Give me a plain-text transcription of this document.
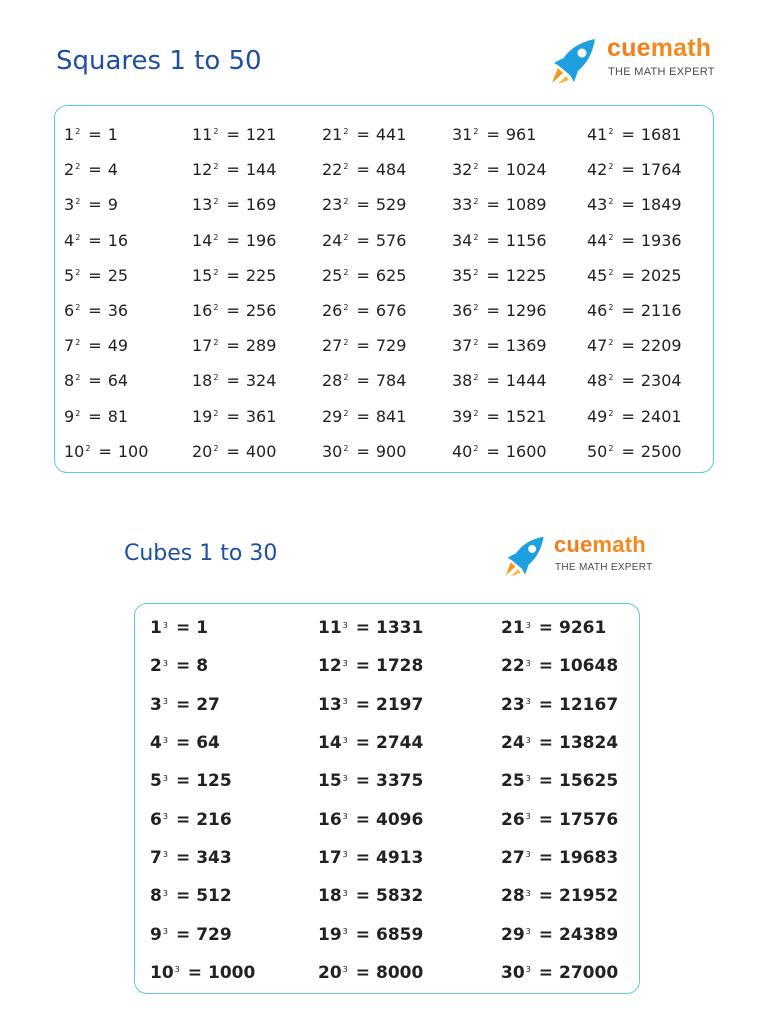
Squares 1 to 50	cuemath
THE MATH EXPERT
$1^2 = 1$
$2^2 = 4$
$3^2 = 9$
$4^2 = 16$
$5^2 = 25$
$6^2 = 36$
$7^2 = 49$
$8^2 = 64$
$9^2 = 81$
$10^2 = 100$
$11^2 = 121$
$12^2 = 144$
$13^2 = 169$
$14^2 = 196$
$15^2 = 225$
$16^2 = 256$
$17^2 = 289$
$18^2 = 324$
$19^2 = 361$
$20^2 = 400$
$21^2 = 441$
$22^2 = 484$
$23^2 = 529$
$24^2 = 576$
$25^2 = 625$
$26^2 = 676$
$27^2 = 729$
$28^2 = 784$
$29^2 = 841$
$30^2 = 900$
$31^2 = 961$
$32^2 = 1024$
$33^2 = 1089$
$34^2 = 1156$
$35^2 = 1225$
$36^2 = 1296$
$37^2 = 1369$
$38^2 = 1444$
$39^2 = 1521$
$40^2 = 1600$
$41^2 = 1681$
$42^2 = 1764$
$43^2 = 1849$
$44^2 = 1936$
$45^2 = 2025$
$46^2 = 2116$
$47^2 = 2209$
$48^2 = 2304$
$49^2 = 2401$
$50^2 = 2500$
Cubes 1 to 30	cuemath
THE MATH EXPERT
$1^3 = 1$
$2^3 = 8$
$3^3 = 27$
$4^3 = 64$
$5^3 = 125$
$6^3 = 216$
$7^3 = 343$
$8^3 = 512$
$9^3 = 729$
$10^3 = 1000$
$11^3 = 1331$
$12^3 = 1728$
$13^3 = 2197$
$14^3 = 2744$
$15^3 = 3375$
$16^3 = 4096$
$17^3 = 4913$
$18^3 = 5832$
$19^3 = 6859$
$20^3 = 8000$
$21^3 = 9261$
$22^3 = 10648$
$23^3 = 12167$
$24^3 = 13824$
$25^3 = 15625$
$26^3 = 17576$
$27^3 = 19683$
$28^3 = 21952$
$29^3 = 24389$
$30^3 = 27000$
